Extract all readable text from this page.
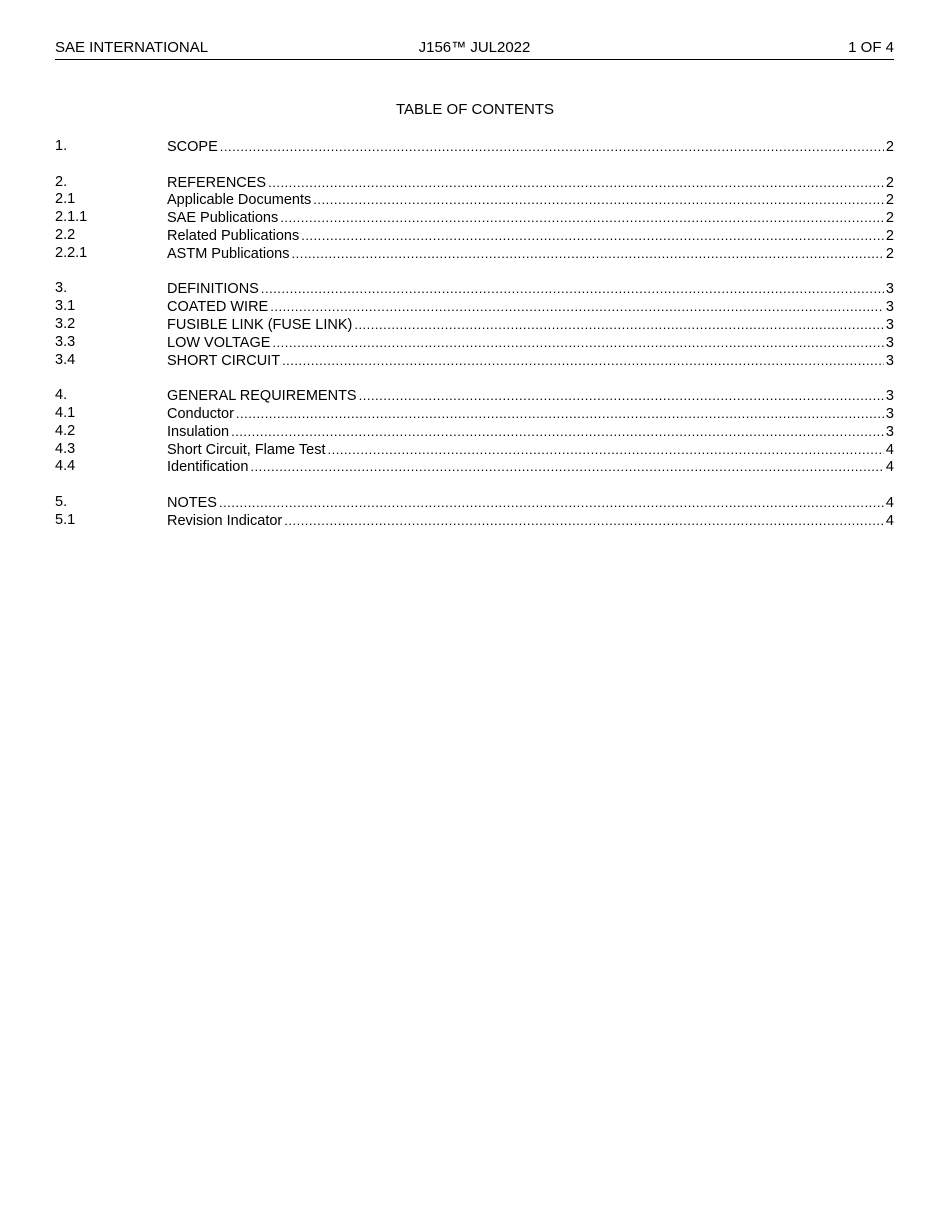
SAE INTERNATIONAL	J156™ JUL2022	1 OF 4
TABLE OF CONTENTS
1.	SCOPE .....	2
2.	REFERENCES .....	2
2.1	Applicable Documents .....	2
2.1.1	SAE Publications .....	2
2.2	Related Publications .....	2
2.2.1	ASTM Publications .....	2
3.	DEFINITIONS .....	3
3.1	COATED WIRE .....	3
3.2	FUSIBLE LINK (FUSE LINK) .....	3
3.3	LOW VOLTAGE .....	3
3.4	SHORT CIRCUIT .....	3
4.	GENERAL REQUIREMENTS .....	3
4.1	Conductor .....	3
4.2	Insulation .....	3
4.3	Short Circuit, Flame Test .....	4
4.4	Identification .....	4
5.	NOTES .....	4
5.1	Revision Indicator .....	4
